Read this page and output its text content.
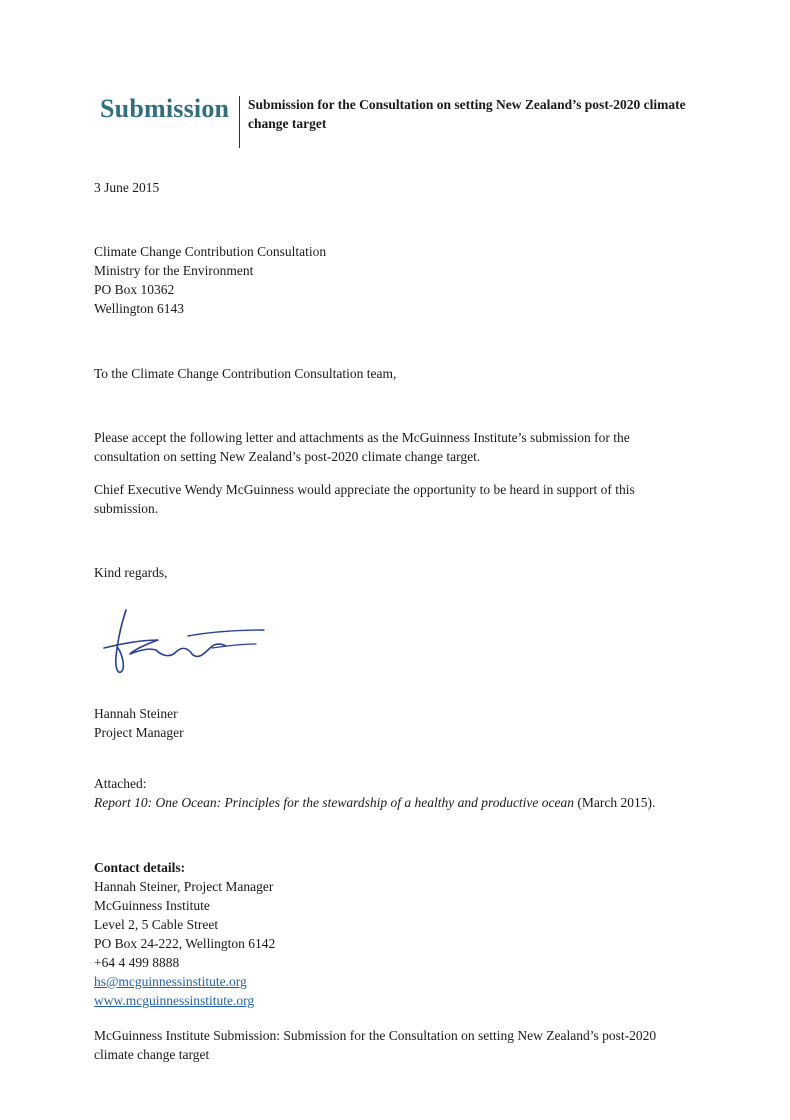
Submission Submission for the Consultation on setting New Zealand’s post-2020 climate
change target
3 June 2015
Climate Change Contribution Consultation
Ministry for the Environment
PO Box 10362
Wellington 6143
To the Climate Change Contribution Consultation team,
Please accept the following letter and attachments as the McGuinness Institute’s submission for the
consultation on setting New Zealand’s post-2020 climate change target.
Chief Executive Wendy McGuinness would appreciate the opportunity to be heard in support of this
submission.
Kind regards,
Hannah Steiner
Project Manager
Attached:
Report 10: One Ocean: Principles for the stewardship of a healthy and productive ocean (March 2015).
Contact details:
Hannah Steiner, Project Manager
McGuinness Institute
Level 2, 5 Cable Street
PO Box 24-222, Wellington 6142
+64 4 499 8888
hs@mcguinnessinstitute.org
www.mcguinnessinstitute.org
McGuinness Institute Submission: Submission for the Consultation on setting New Zealand’s post-2020
climate change target
